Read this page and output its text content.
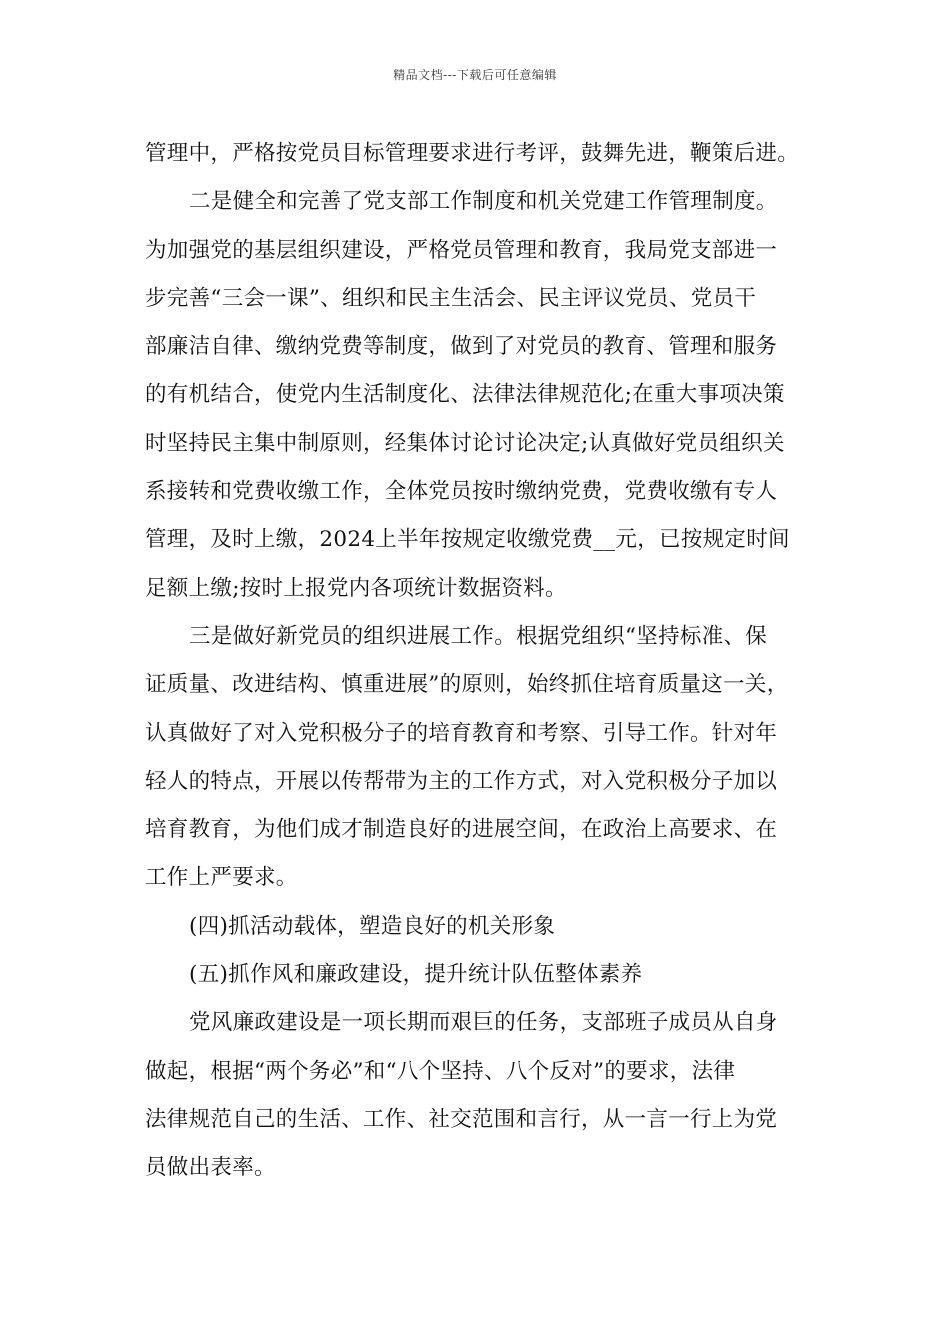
精品文档---下载后可任意编辑
管理中，严格按党员目标管理要求进行考评，鼓舞先进，鞭策后进。
二是健全和完善了党支部工作制度和机关党建工作管理制度。
为加强党的基层组织建设，严格党员管理和教育，我局党支部进一
步完善“三会一课”、组织和民主生活会、民主评议党员、党员干
部廉洁自律、缴纳党费等制度，做到了对党员的教育、管理和服务
的有机结合，使党内生活制度化、法律法律规范化;在重大事项决策
时坚持民主集中制原则，经集体讨论讨论决定;认真做好党员组织关
系接转和党费收缴工作，全体党员按时缴纳党费，党费收缴有专人
管理，及时上缴，2024上半年按规定收缴党费__元，已按规定时间
足额上缴;按时上报党内各项统计数据资料。
三是做好新党员的组织进展工作。根据党组织“坚持标准、保
证质量、改进结构、慎重进展”的原则，始终抓住培育质量这一关，
认真做好了对入党积极分子的培育教育和考察、引导工作。针对年
轻人的特点，开展以传帮带为主的工作方式，对入党积极分子加以
培育教育，为他们成才制造良好的进展空间，在政治上高要求、在
工作上严要求。
(四)抓活动载体，塑造良好的机关形象
(五)抓作风和廉政建设，提升统计队伍整体素养
党风廉政建设是一项长期而艰巨的任务，支部班子成员从自身
做起，根据“两个务必”和“八个坚持、八个反对”的要求，法律
法律规范自己的生活、工作、社交范围和言行，从一言一行上为党
员做出表率。
